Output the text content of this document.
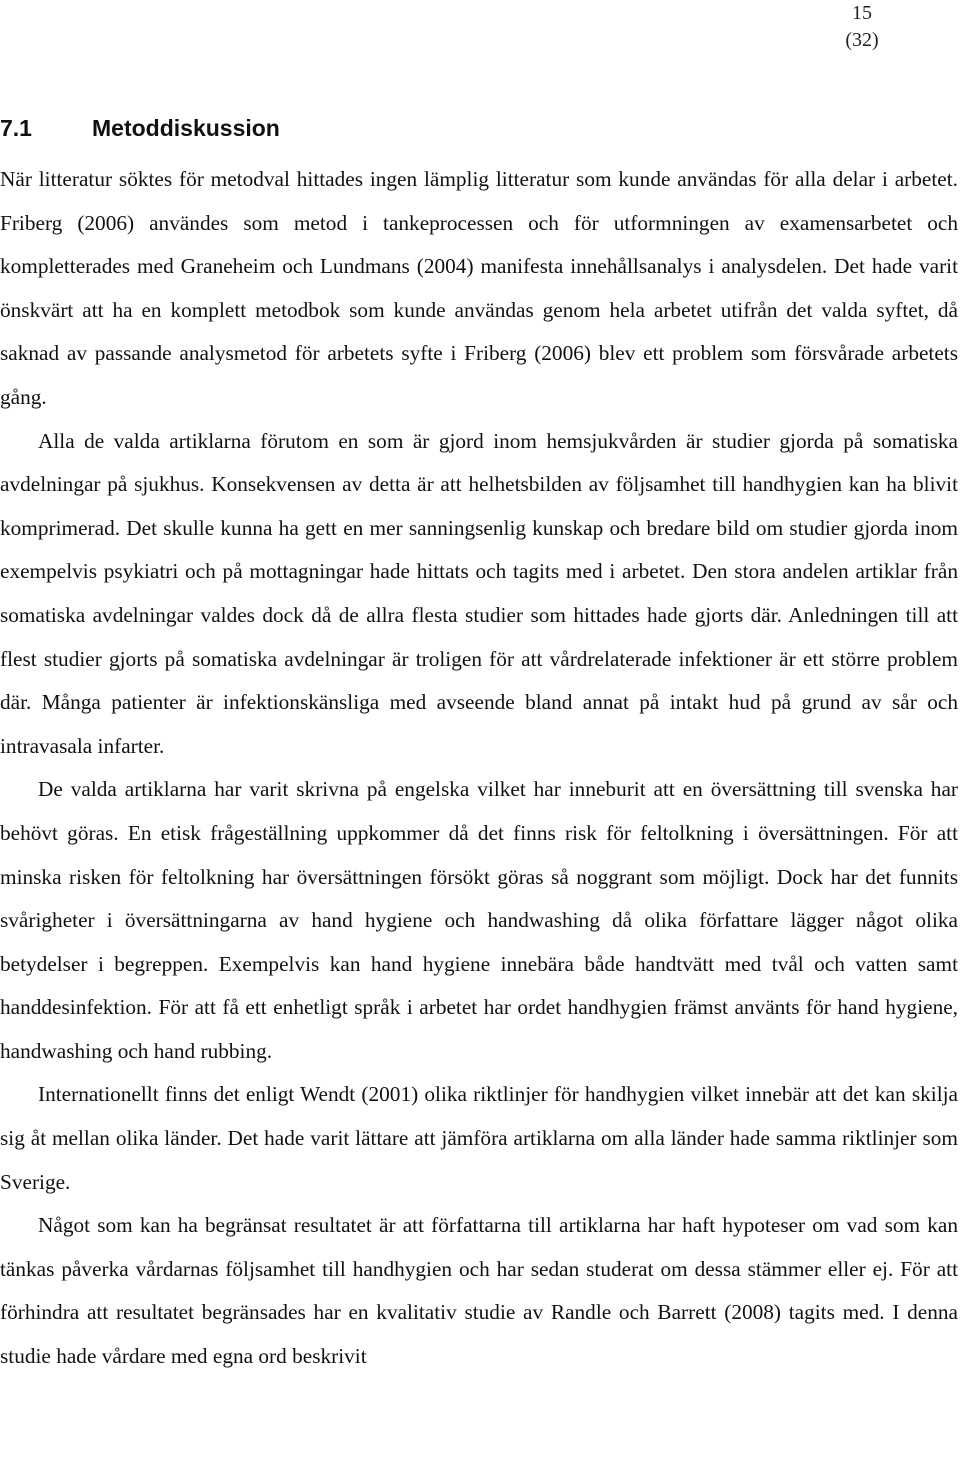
15
(32)
7.1	Metoddiskussion

När litteratur söktes för metodval hittades ingen lämplig litteratur som kunde användas för alla delar i arbetet. Friberg (2006) användes som metod i tankeprocessen och för utformningen av examensarbetet och kompletterades med Graneheim och Lundmans (2004) manifesta innehållsanalys i analysdelen. Det hade varit önskvärt att ha en komplett metodbok som kunde användas genom hela arbetet utifrån det valda syftet, då saknad av passande analysmetod för arbetets syfte i Friberg (2006) blev ett problem som försvårade arbetets gång.

Alla de valda artiklarna förutom en som är gjord inom hemsjukvården är studier gjorda på somatiska avdelningar på sjukhus. Konsekvensen av detta är att helhetsbilden av följsamhet till handhygien kan ha blivit komprimerad. Det skulle kunna ha gett en mer sanningsenlig kunskap och bredare bild om studier gjorda inom exempelvis psykiatri och på mottagningar hade hittats och tagits med i arbetet. Den stora andelen artiklar från somatiska avdelningar valdes dock då de allra flesta studier som hittades hade gjorts där. Anledningen till att flest studier gjorts på somatiska avdelningar är troligen för att vårdrelaterade infektioner är ett större problem där. Många patienter är infektionskänsliga med avseende bland annat på intakt hud på grund av sår och intravasala infarter.

De valda artiklarna har varit skrivna på engelska vilket har inneburit att en översättning till svenska har behövt göras. En etisk frågeställning uppkommer då det finns risk för feltolkning i översättningen. För att minska risken för feltolkning har översättningen försökt göras så noggrant som möjligt. Dock har det funnits svårigheter i översättningarna av hand hygiene och handwashing då olika författare lägger något olika betydelser i begreppen. Exempelvis kan hand hygiene innebära både handtvätt med tvål och vatten samt handdesinfektion. För att få ett enhetligt språk i arbetet har ordet handhygien främst använts för hand hygiene, handwashing och hand rubbing.

Internationellt finns det enligt Wendt (2001) olika riktlinjer för handhygien vilket innebär att det kan skilja sig åt mellan olika länder. Det hade varit lättare att jämföra artiklarna om alla länder hade samma riktlinjer som Sverige.

Något som kan ha begränsat resultatet är att författarna till artiklarna har haft hypoteser om vad som kan tänkas påverka vårdarnas följsamhet till handhygien och har sedan studerat om dessa stämmer eller ej. För att förhindra att resultatet begränsades har en kvalitativ studie av Randle och Barrett (2008) tagits med. I denna studie hade vårdare med egna ord beskrivit
